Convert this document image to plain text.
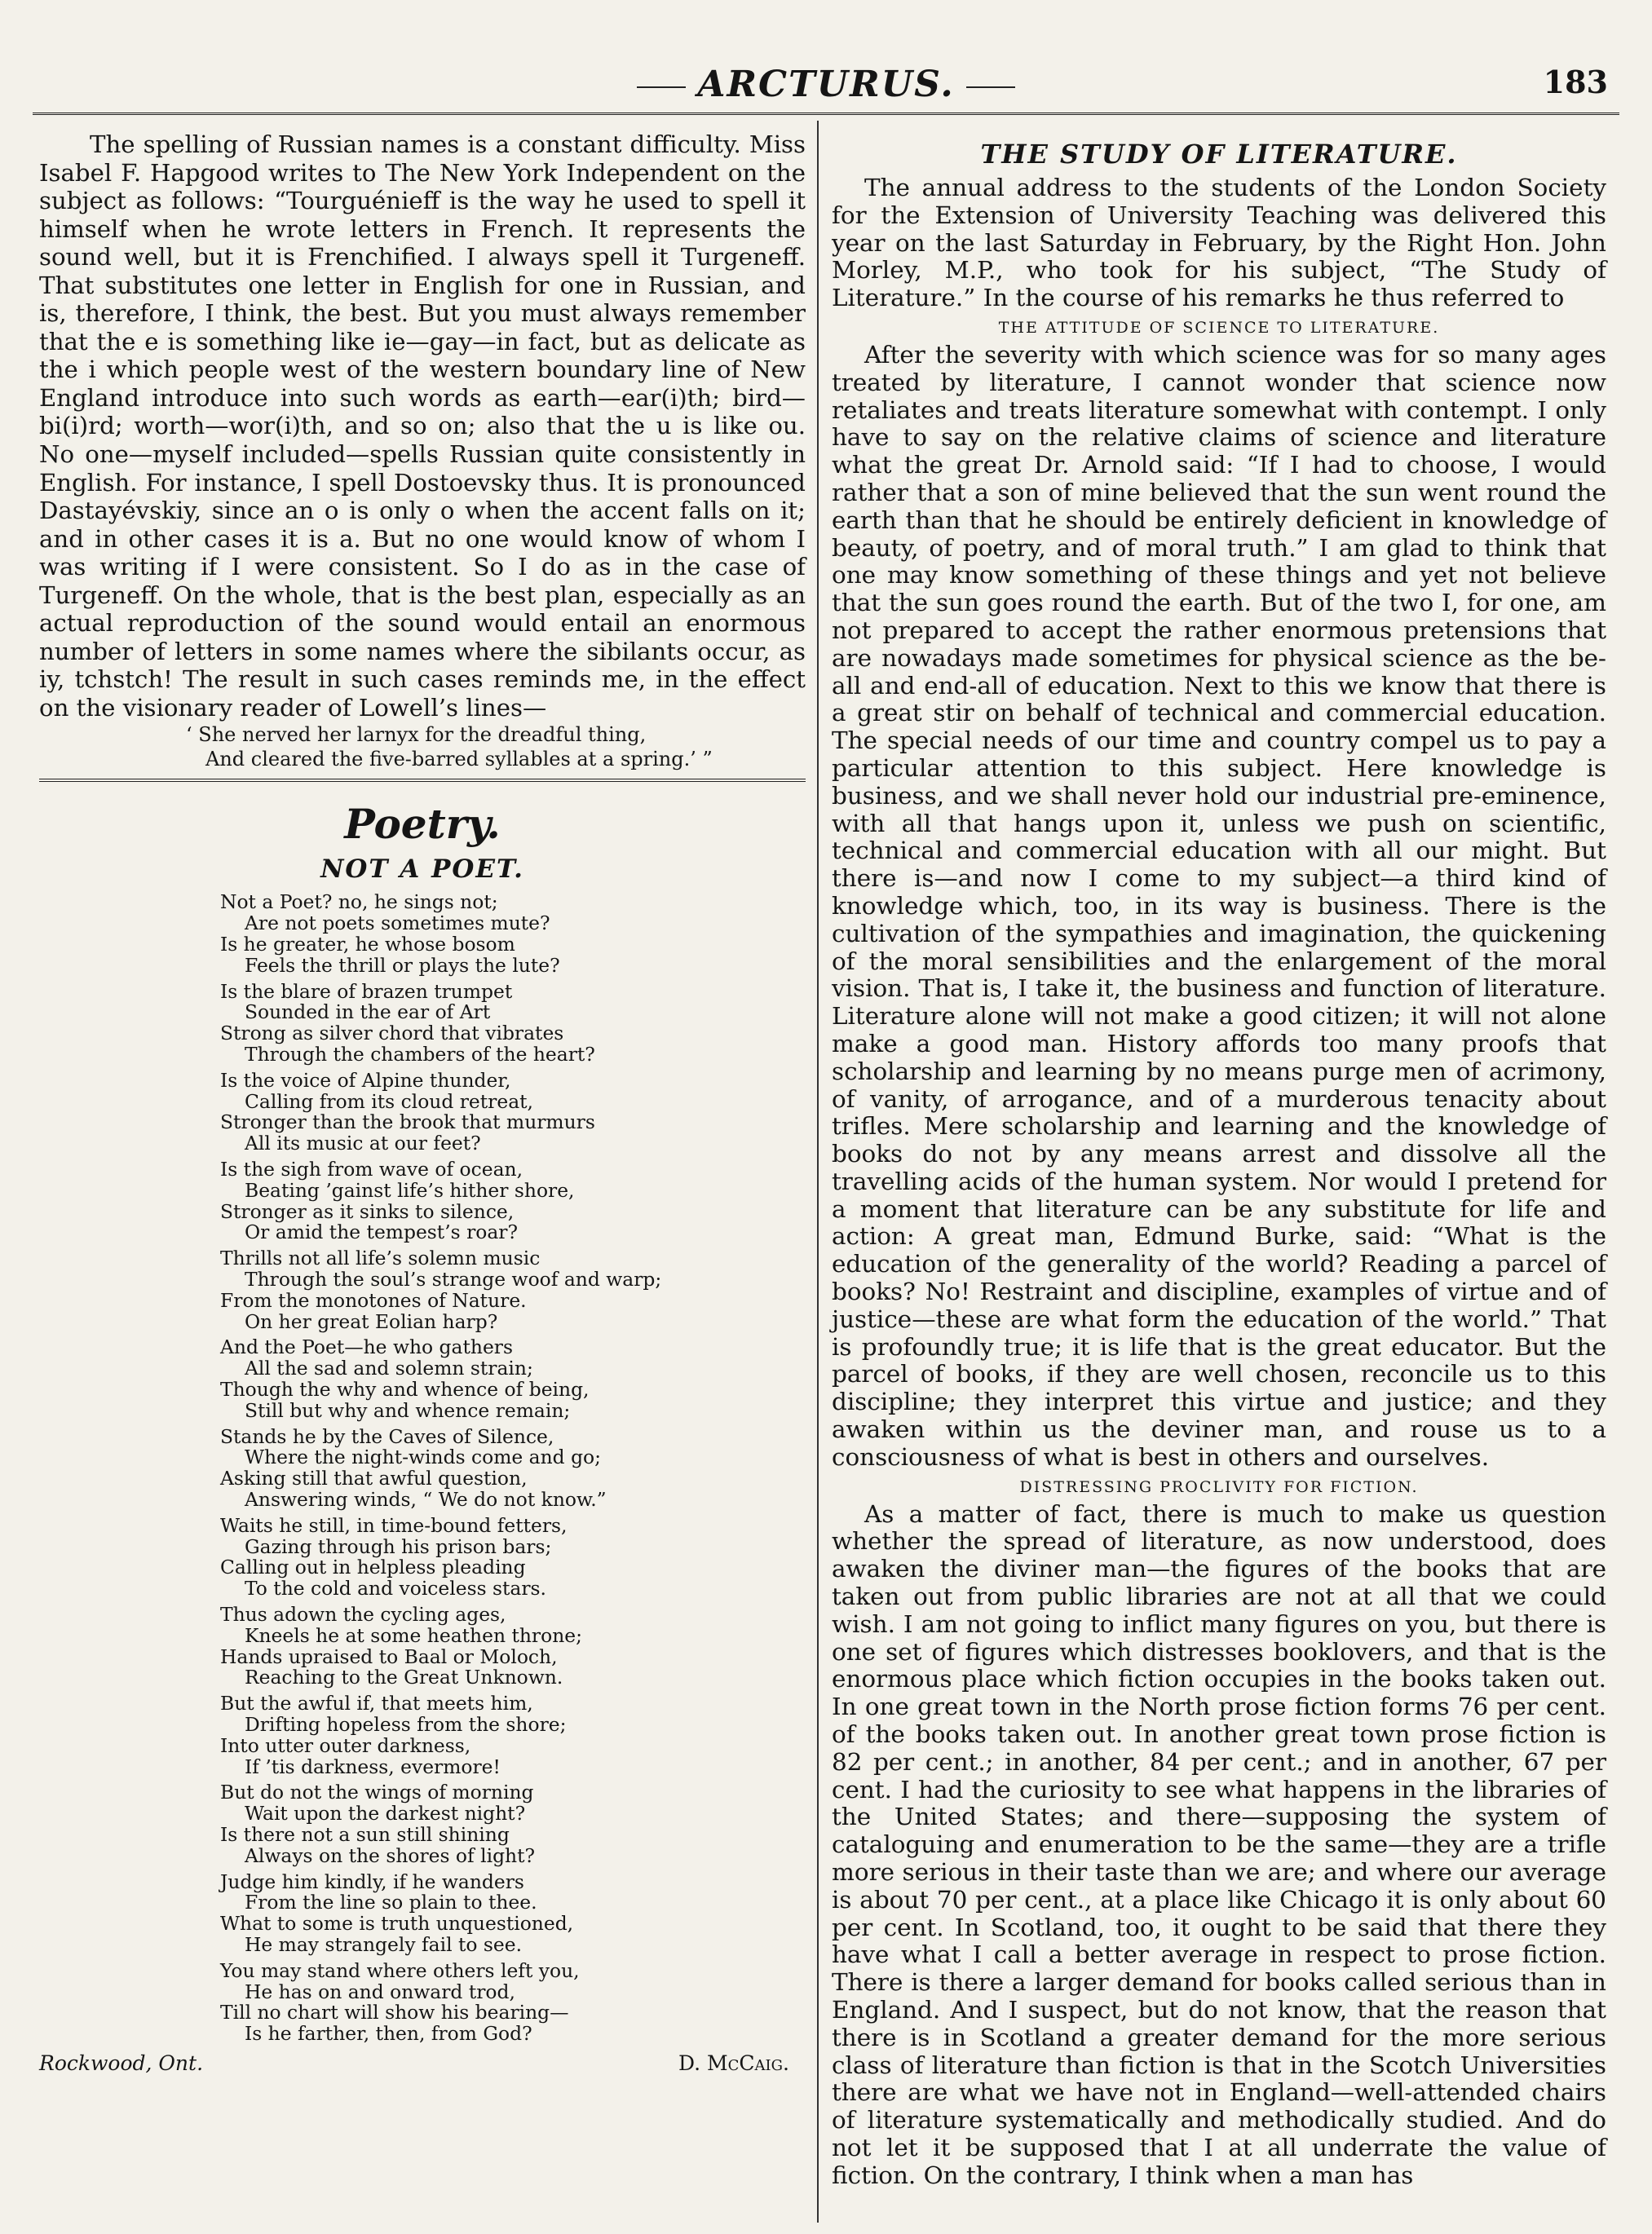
ARCTURUS.	183

The spelling of Russian names is a constant difficulty. Miss Isabel F. Hapgood writes to The New York Independent on the subject as follows: “Tourguénieff is the way he used to spell it himself when he wrote letters in French. It represents the sound well, but it is Frenchified. I always spell it Turgeneff. That substitutes one letter in English for one in Russian, and is, therefore, I think, the best. But you must always remember that the e is something like ie—gay—in fact, but as delicate as the i which people west of the western boundary line of New England introduce into such words as earth—ear(i)th; bird—bi(i)rd; worth—wor(i)th, and so on; also that the u is like ou. No one—myself included—spells Russian quite consistently in English. For instance, I spell Dostoevsky thus. It is pronounced Dastayévskiy, since an o is only o when the accent falls on it; and in other cases it is a. But no one would know of whom I was writing if I were consistent. So I do as in the case of Turgeneff. On the whole, that is the best plan, especially as an actual reproduction of the sound would entail an enormous number of letters in some names where the sibilants occur, as iy, tchstch! The result in such cases reminds me, in the effect on the visionary reader of Lowell’s lines—

‘ She nerved her larnyx for the dreadful thing,
And cleared the five-barred syllables at a spring.’ ”
Poetry.
NOT A POET.
Not a Poet? no, he sings not;
Are not poets sometimes mute?
Is he greater, he whose bosom
Feels the thrill or plays the lute?
Is the blare of brazen trumpet
Sounded in the ear of Art
Strong as silver chord that vibrates
Through the chambers of the heart?
Is the voice of Alpine thunder,
Calling from its cloud retreat,
Stronger than the brook that murmurs
All its music at our feet?
Is the sigh from wave of ocean,
Beating ’gainst life’s hither shore,
Stronger as it sinks to silence,
Or amid the tempest’s roar?
Thrills not all life’s solemn music
Through the soul’s strange woof and warp;
From the monotones of Nature.
On her great Eolian harp?
And the Poet—he who gathers
All the sad and solemn strain;
Though the why and whence of being,
Still but why and whence remain;
Stands he by the Caves of Silence,
Where the night-winds come and go;
Asking still that awful question,
Answering winds, “ We do not know.”
Waits he still, in time-bound fetters,
Gazing through his prison bars;
Calling out in helpless pleading
To the cold and voiceless stars.
Thus adown the cycling ages,
Kneels he at some heathen throne;
Hands upraised to Baal or Moloch,
Reaching to the Great Unknown.
But the awful if, that meets him,
Drifting hopeless from the shore;
Into utter outer darkness,
If ’tis darkness, evermore!
But do not the wings of morning
Wait upon the darkest night?
Is there not a sun still shining
Always on the shores of light?
Judge him kindly, if he wanders
From the line so plain to thee.
What to some is truth unquestioned,
He may strangely fail to see.
You may stand where others left you,
He has on and onward trod,
Till no chart will show his bearing—
Is he farther, then, from God?
Rockwood, Ont.	D. McCaig.
THE STUDY OF LITERATURE.

The annual address to the students of the London Society for the Extension of University Teaching was delivered this year on the last Saturday in February, by the Right Hon. John Morley, M.P., who took for his subject, “The Study of Literature.” In the course of his remarks he thus referred to

THE ATTITUDE OF SCIENCE TO LITERATURE.

After the severity with which science was for so many ages treated by literature, I cannot wonder that science now retaliates and treats literature somewhat with contempt. I only have to say on the relative claims of science and literature what the great Dr. Arnold said: “If I had to choose, I would rather that a son of mine believed that the sun went round the earth than that he should be entirely deficient in knowledge of beauty, of poetry, and of moral truth.” I am glad to think that one may know something of these things and yet not believe that the sun goes round the earth. But of the two I, for one, am not prepared to accept the rather enormous pretensions that are nowadays made sometimes for physical science as the be-all and end-all of education. Next to this we know that there is a great stir on behalf of technical and commercial education. The special needs of our time and country compel us to pay a particular attention to this subject. Here knowledge is business, and we shall never hold our industrial pre-eminence, with all that hangs upon it, unless we push on scientific, technical and commercial education with all our might. But there is—and now I come to my subject—a third kind of knowledge which, too, in its way is business. There is the cultivation of the sympathies and imagination, the quickening of the moral sensibilities and the enlargement of the moral vision. That is, I take it, the business and function of literature. Literature alone will not make a good citizen; it will not alone make a good man. History affords too many proofs that scholarship and learning by no means purge men of acrimony, of vanity, of arrogance, and of a murderous tenacity about trifles. Mere scholarship and learning and the knowledge of books do not by any means arrest and dissolve all the travelling acids of the human system. Nor would I pretend for a moment that literature can be any substitute for life and action: A great man, Edmund Burke, said: “What is the education of the generality of the world? Reading a parcel of books? No! Restraint and discipline, examples of virtue and of justice—these are what form the education of the world.” That is profoundly true; it is life that is the great educator. But the parcel of books, if they are well chosen, reconcile us to this discipline; they interpret this virtue and justice; and they awaken within us the deviner man, and rouse us to a consciousness of what is best in others and ourselves.

DISTRESSING PROCLIVITY FOR FICTION.

As a matter of fact, there is much to make us question whether the spread of literature, as now understood, does awaken the diviner man—the figures of the books that are taken out from public libraries are not at all that we could wish. I am not going to inflict many figures on you, but there is one set of figures which distresses booklovers, and that is the enormous place which fiction occupies in the books taken out. In one great town in the North prose fiction forms 76 per cent. of the books taken out. In another great town prose fiction is 82 per cent.; in another, 84 per cent.; and in another, 67 per cent. I had the curiosity to see what happens in the libraries of the United States; and there—supposing the system of cataloguing and enumeration to be the same—they are a trifle more serious in their taste than we are; and where our average is about 70 per cent., at a place like Chicago it is only about 60 per cent. In Scotland, too, it ought to be said that there they have what I call a better average in respect to prose fiction. There is there a larger demand for books called serious than in England. And I suspect, but do not know, that the reason that there is in Scotland a greater demand for the more serious class of literature than fiction is that in the Scotch Universities there are what we have not in England—well-attended chairs of literature systematically and methodically studied. And do not let it be supposed that I at all underrate the value of fiction. On the contrary, I think when a man has
